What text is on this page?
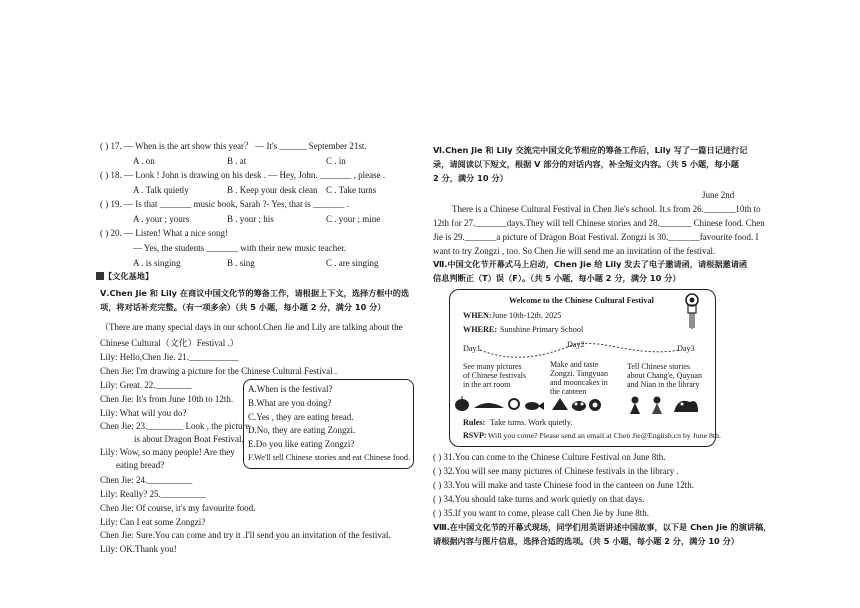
( ) 17. — When is the art show this year？ — It's ______ September 21st.
A . on	B . at	C . in
( ) 18. — Look ! John is drawing on his desk . — Hey, John. _______ , please .
A . Talk quietly	B . Keep your desk clean C . Take turns
( ) 19. — Is that _______ music book, Sarah ?- Yes, that is _______ .
A . your ; yours	B . your ; his	C . your ; mine
( ) 20. — Listen! What a nice song!
— Yes, the students _______ with their new music teacher.
A . is singing	B . sing	C . are singing
【文化基地】
Ⅴ.Chen Jie 和 Lily 在商议中国文化节的筹备工作，请根据上下文，选择方框中的选
项，将对话补充完整。（有一项多余）（共 5 小题，每小题 2 分，满分 10 分）
（There are many special days in our school.Chen Jie and Lily are talking about the
Chinese Cultural（文化）Festival .）
Lily: Hello,Chen Jie. 21.___________
Chen Jie: I'm drawing a picture for the Chinese Cultural Festival .
Lily: Great. 22.________
Chen Jie: It's from June 10th to 12th.
Lily: What will you do?
Chen Jie: 23.________ Look , the picture
is about Dragon Boat Festival.
Lily: Wow, so many people! Are they
eating bread?
Chen Jie: 24.__________
Lily: Really? 25.__________
Chen Jie: Of course, it's my favourite food.
Lily: Can I eat some Zongzi?
Chen Jie: Sure.You can come and try it .I'll send you an invitation of the festival.
Lily: OK.Thank you!
A.When is the festival?
B.What are you doing?
C.Yes , they are eating bread.
D.No, they are eating Zongzi.
E.Do you like eating Zongzi?
F.We'll tell Chinese stories and eat Chinese food.
Ⅵ.Chen Jie 和 Lily 交流完中国文化节相应的筹备工作后，Lily 写了一篇日记进行记
录，请阅读以下短文，根据 V 部分的对话内容，补全短文内容。（共 5 小题，每小题
2 分，满分 10 分）
June 2nd
There is a Chinese Cultural Festival in Chen Jie's school. It.s from 26._______10th to
12th for 27._______days.They will tell Chinese stories and 28._______ Chinese food. Chen
Jie is 29._______a picture of Dragon Boat Festival. Zongzi is 30._______favourite food. I
want to try Zongzi , too. So Chen Jie will send me an invitation of the festival.
Ⅶ.中国文化节开幕式马上启动，Chen Jie 给 Lily 发去了电子邀请函，请根据邀请函
信息判断正（T）误（F）。（共 5 小题，每小题 2 分，满分 10 分）
Welcome to the Chinese Cultural Festival
WHEN: June 10th-12th. 2025
WHERE: Sunshine Primary School
Day1	Day2	Day3
See many pictures
of Chinese festivals
in the art room
Make and taste
Zongzi. Tangyuan
and mooncakes in
the canteen
Tell Chinese stories
about Chang'e, Quyuan
and Nian in the library
Rules: Take turns. Work quietly.
RSVP: Will you come? Please send an email at Chen Jie@English.cn by June 8th.
( ) 31.You can come to the Chinese Culture Festival on June 8th.
( ) 32.You will see many pictures of Chinese festivals in the library .
( ) 33.You will make and taste Chinese food in the canteen on June 12th.
( ) 34.You should take turns and work quietly on that days.
( ) 35.If you want to come, please call Chen Jie by June 8th.
Ⅷ.在中国文化节的开幕式现场，同学们用英语讲述中国故事，以下是 Chen Jie 的演讲稿，
请根据内容与图片信息，选择合适的选项。（共 5 小题，每小题 2 分，满分 10 分）
